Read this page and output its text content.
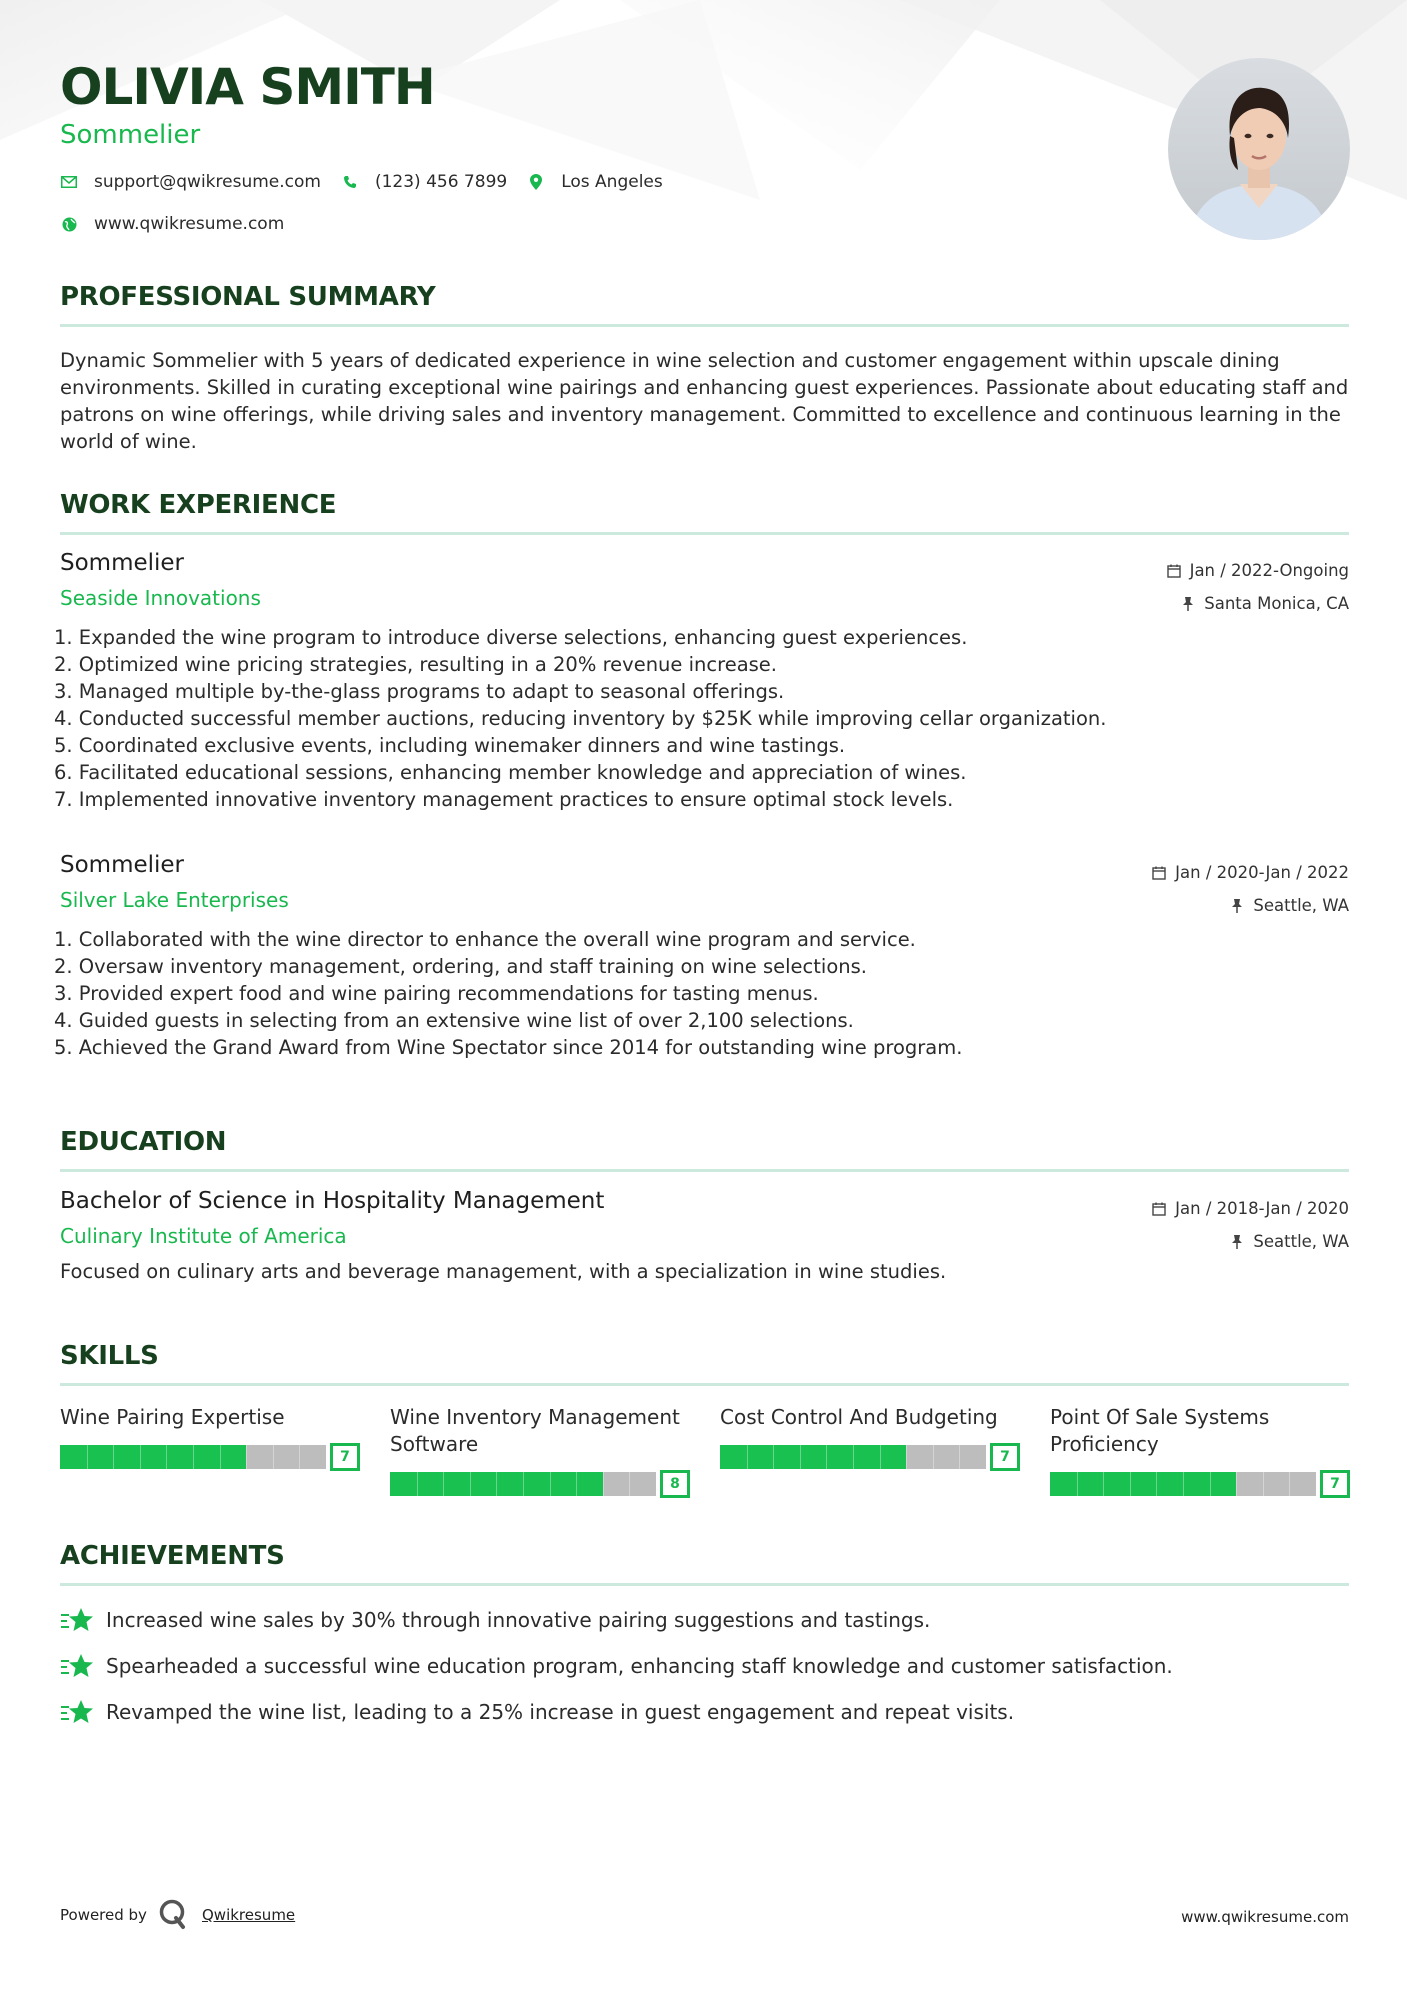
OLIVIA SMITH
Sommelier
support@qwikresume.com	(123) 456 7899	Los Angeles
www.qwikresume.com
PROFESSIONAL SUMMARY
Dynamic Sommelier with 5 years of dedicated experience in wine selection and customer engagement within upscale dining environments. Skilled in curating exceptional wine pairings and enhancing guest experiences. Passionate about educating staff and patrons on wine offerings, while driving sales and inventory management. Committed to excellence and continuous learning in the world of wine.
WORK EXPERIENCE
Sommelier
Seaside Innovations
Jan / 2022-Ongoing
Santa Monica, CA
1. Expanded the wine program to introduce diverse selections, enhancing guest experiences.
2. Optimized wine pricing strategies, resulting in a 20% revenue increase.
3. Managed multiple by-the-glass programs to adapt to seasonal offerings.
4. Conducted successful member auctions, reducing inventory by $25K while improving cellar organization.
5. Coordinated exclusive events, including winemaker dinners and wine tastings.
6. Facilitated educational sessions, enhancing member knowledge and appreciation of wines.
7. Implemented innovative inventory management practices to ensure optimal stock levels.
Sommelier
Silver Lake Enterprises
Jan / 2020-Jan / 2022
Seattle, WA
1. Collaborated with the wine director to enhance the overall wine program and service.
2. Oversaw inventory management, ordering, and staff training on wine selections.
3. Provided expert food and wine pairing recommendations for tasting menus.
4. Guided guests in selecting from an extensive wine list of over 2,100 selections.
5. Achieved the Grand Award from Wine Spectator since 2014 for outstanding wine program.
EDUCATION
Bachelor of Science in Hospitality Management
Culinary Institute of America
Jan / 2018-Jan / 2020
Seattle, WA
Focused on culinary arts and beverage management, with a specialization in wine studies.
SKILLS
Wine Pairing Expertise
7
Wine Inventory Management Software
8
Cost Control And Budgeting
7
Point Of Sale Systems Proficiency
7
ACHIEVEMENTS
Increased wine sales by 30% through innovative pairing suggestions and tastings.
Spearheaded a successful wine education program, enhancing staff knowledge and customer satisfaction.
Revamped the wine list, leading to a 25% increase in guest engagement and repeat visits.
Powered by	Qwikresume	www.qwikresume.com
